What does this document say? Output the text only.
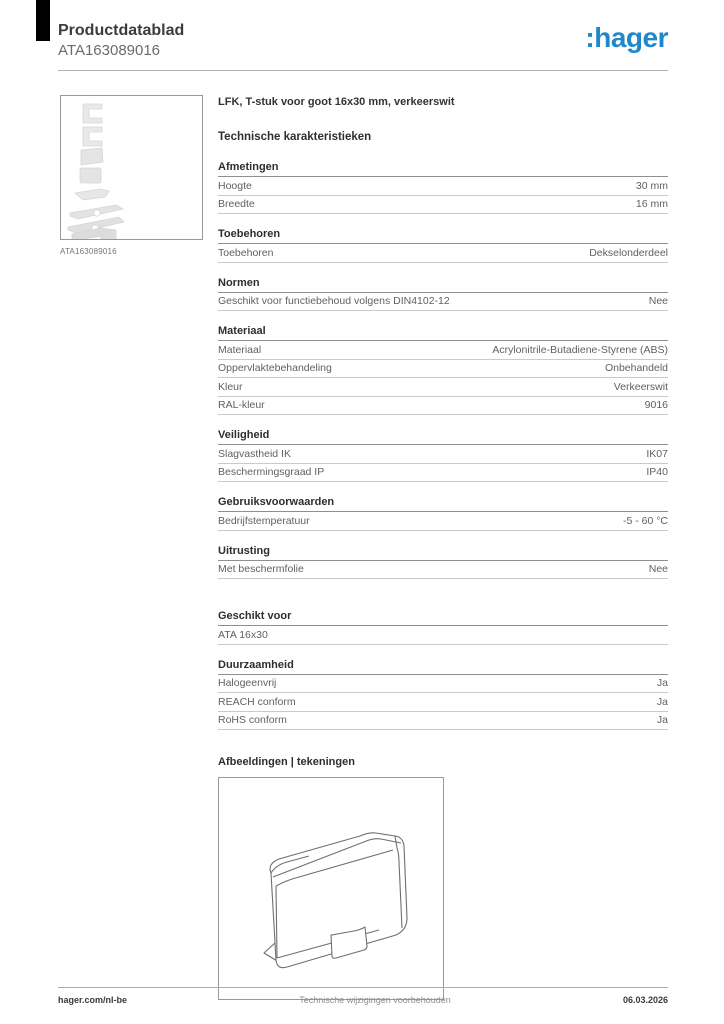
Productdatablad
ATA163089016	:hager
ATA163089016
LFK, T-stuk voor goot 16x30 mm, verkeerswit
Technische karakteristieken
Afmetingen
Hoogte	30 mm
Breedte	16 mm
Toebehoren
Toebehoren	Dekselonderdeel
Normen
Geschikt voor functiebehoud volgens DIN4102-12	Nee
Materiaal
Materiaal	Acrylonitrile-Butadiene-Styrene (ABS)
Oppervlaktebehandeling	Onbehandeld
Kleur	Verkeerswit
RAL-kleur	9016
Veiligheid
Slagvastheid IK	IK07
Beschermingsgraad IP	IP40
Gebruiksvoorwaarden
Bedrijfstemperatuur	-5 - 60 °C
Uitrusting
Met beschermfolie	Nee
Geschikt voor
ATA 16x30
Duurzaamheid
Halogeenvrij	Ja
REACH conform	Ja
RoHS conform	Ja
Afbeeldingen | tekeningen
hager.com/nl-be	Technische wijzigingen voorbehouden	06.03.2026
